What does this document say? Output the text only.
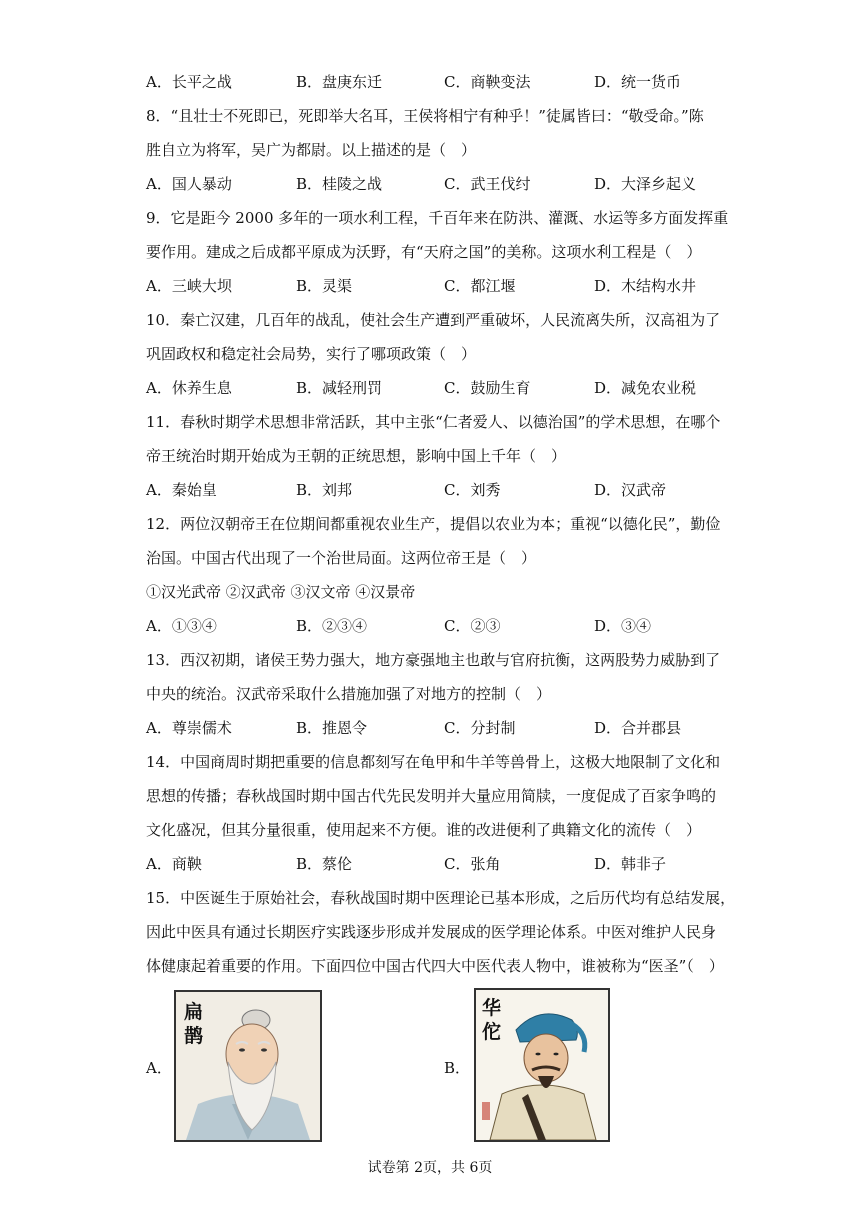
A．长平之战	B．盘庚东迁	C．商鞅变法	D．统一货币
8．“且壮士不死即已，死即举大名耳，王侯将相宁有种乎！”徒属皆曰：“敬受命。”陈
胜自立为将军，吴广为都尉。以上描述的是（　）
A．国人暴动	B．桂陵之战	C．武王伐纣	D．大泽乡起义
9．它是距今 2000 多年的一项水利工程，千百年来在防洪、灌溉、水运等多方面发挥重
要作用。建成之后成都平原成为沃野，有“天府之国”的美称。这项水利工程是（　）
A．三峡大坝	B．灵渠	C．都江堰	D．木结构水井
10．秦亡汉建，几百年的战乱，使社会生产遭到严重破坏，人民流离失所，汉高祖为了
巩固政权和稳定社会局势，实行了哪项政策（　）
A．休养生息	B．减轻刑罚	C．鼓励生育	D．减免农业税
11．春秋时期学术思想非常活跃，其中主张“仁者爱人、以德治国”的学术思想，在哪个
帝王统治时期开始成为王朝的正统思想，影响中国上千年（　）
A．秦始皇	B．刘邦	C．刘秀	D．汉武帝
12．两位汉朝帝王在位期间都重视农业生产，提倡以农业为本；重视“以德化民”，勤俭
治国。中国古代出现了一个治世局面。这两位帝王是（　）
①汉光武帝 ②汉武帝 ③汉文帝 ④汉景帝
A．①③④	B．②③④	C．②③	D．③④
13．西汉初期，诸侯王势力强大，地方豪强地主也敢与官府抗衡，这两股势力威胁到了
中央的统治。汉武帝采取什么措施加强了对地方的控制（　）
A．尊崇儒术	B．推恩令	C．分封制	D．合并郡县
14．中国商周时期把重要的信息都刻写在龟甲和牛羊等兽骨上，这极大地限制了文化和
思想的传播；春秋战国时期中国古代先民发明并大量应用简牍，一度促成了百家争鸣的
文化盛况，但其分量很重，使用起来不方便。谁的改进便利了典籍文化的流传（　）
A．商鞅	B．蔡伦	C．张角	D．韩非子
15．中医诞生于原始社会，春秋战国时期中医理论已基本形成，之后历代均有总结发展，
因此中医具有通过长期医疗实践逐步形成并发展成的医学理论体系。中医对维护人民身
体健康起着重要的作用。下面四位中国古代四大中医代表人物中，谁被称为“医圣”（　）
A．
扁
鹊
B．
华
佗
试卷第 2页，共 6页
